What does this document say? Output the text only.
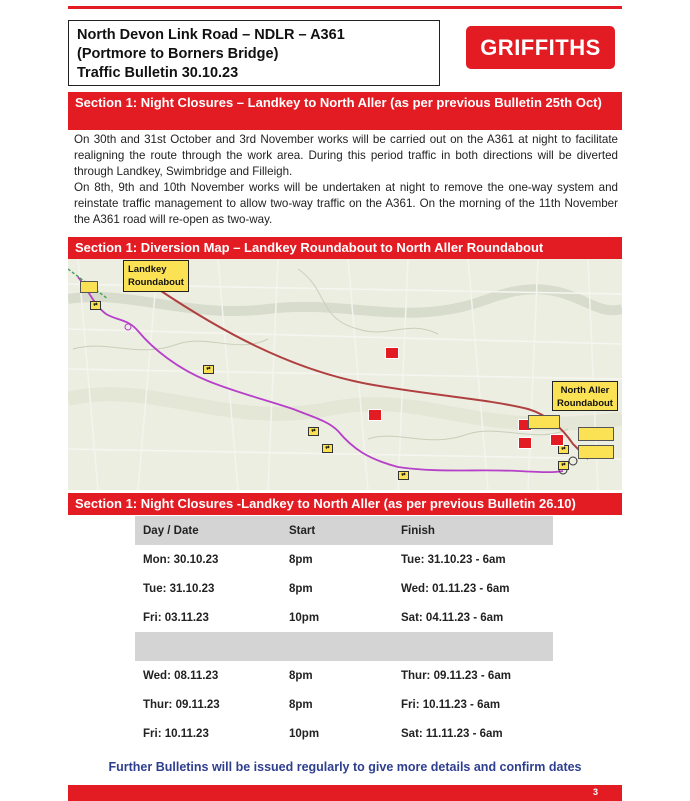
North Devon Link Road – NDLR – A361
(Portmore to Borners Bridge)
Traffic Bulletin 30.10.23
GRIFFITHS
Section 1: Night Closures – Landkey to North Aller (as per previous Bulletin 25th Oct)
On 30th and 31st October and 3rd November works will be carried out on the A361 at night to facilitate realigning the route through the work area. During this period traffic in both directions will be diverted through Landkey, Swimbridge and Filleigh.
On 8th, 9th and 10th November works will be undertaken at night to remove the one-way system and reinstate traffic management to allow two-way traffic on the A361. On the morning of the 11th November the A361 road will re-open as two-way.
Section 1: Diversion Map – Landkey Roundabout to North Aller Roundabout
Landkey
Roundabout
North Aller
Roundabout
⇄
⇄
⇄
⇄
⇄
⇄
⇄
Section 1: Night Closures -Landkey to North Aller (as per previous Bulletin 26.10)
Day / Date	Start	Finish
Mon: 30.10.23	8pm	Tue: 31.10.23 - 6am
Tue: 31.10.23	8pm	Wed: 01.11.23 - 6am
Fri: 03.11.23	10pm	Sat: 04.11.23 - 6am

Wed: 08.11.23	8pm	Thur: 09.11.23 - 6am
Thur: 09.11.23	8pm	Fri: 10.11.23 - 6am
Fri: 10.11.23	10pm	Sat: 11.11.23 - 6am
Further Bulletins will be issued regularly to give more details and confirm dates
3
